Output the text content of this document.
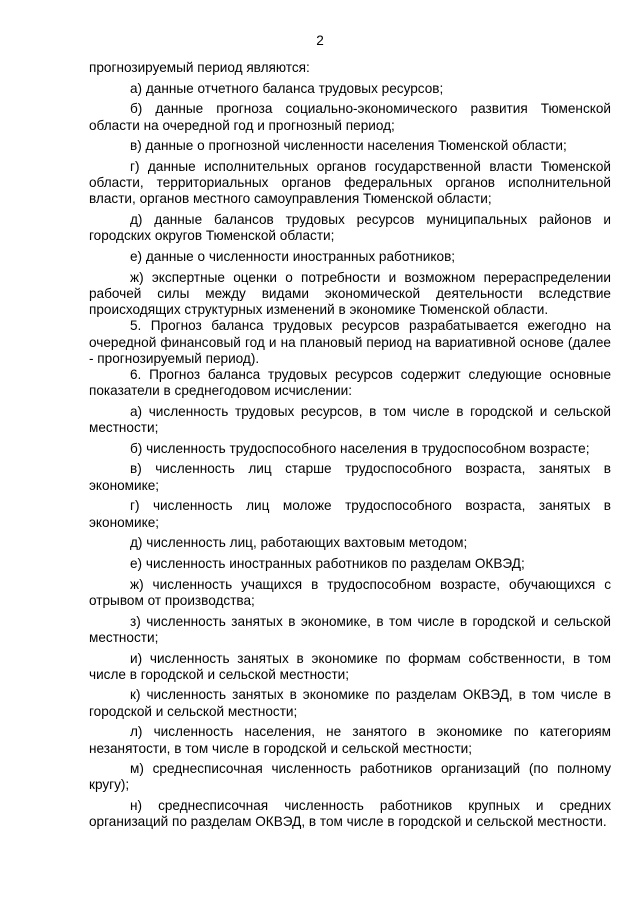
2

прогнозируемый период являются:

а) данные отчетного баланса трудовых ресурсов;

б) данные прогноза социально-экономического развития Тюменской области на очередной год и прогнозный период;

в) данные о прогнозной численности населения Тюменской области;

г) данные исполнительных органов государственной власти Тюменской области, территориальных органов федеральных органов исполнительной власти, органов местного самоуправления Тюменской области;

д) данные балансов трудовых ресурсов муниципальных районов и городских округов Тюменской области;

е) данные о численности иностранных работников;

ж) экспертные оценки о потребности и возможном перераспределении рабочей силы между видами экономической деятельности вследствие происходящих структурных изменений в экономике Тюменской области.

5. Прогноз баланса трудовых ресурсов разрабатывается ежегодно на очередной финансовый год и на плановый период на вариативной основе (далее - прогнозируемый период).

6. Прогноз баланса трудовых ресурсов содержит следующие основные показатели в среднегодовом исчислении:

а) численность трудовых ресурсов, в том числе в городской и сельской местности;

б) численность трудоспособного населения в трудоспособном возрасте;

в) численность лиц старше трудоспособного возраста, занятых в экономике;

г) численность лиц моложе трудоспособного возраста, занятых в экономике;

д) численность лиц, работающих вахтовым методом;

е) численность иностранных работников по разделам ОКВЭД;

ж) численность учащихся в трудоспособном возрасте, обучающихся с отрывом от производства;

з) численность занятых в экономике, в том числе в городской и сельской местности;

и) численность занятых в экономике по формам собственности, в том числе в городской и сельской местности;

к) численность занятых в экономике по разделам ОКВЭД, в том числе в городской и сельской местности;

л) численность населения, не занятого в экономике по категориям незанятости, в том числе в городской и сельской местности;

м) среднесписочная численность работников организаций (по полному кругу);

н) среднесписочная численность работников крупных и средних организаций по разделам ОКВЭД, в том числе в городской и сельской местности.
